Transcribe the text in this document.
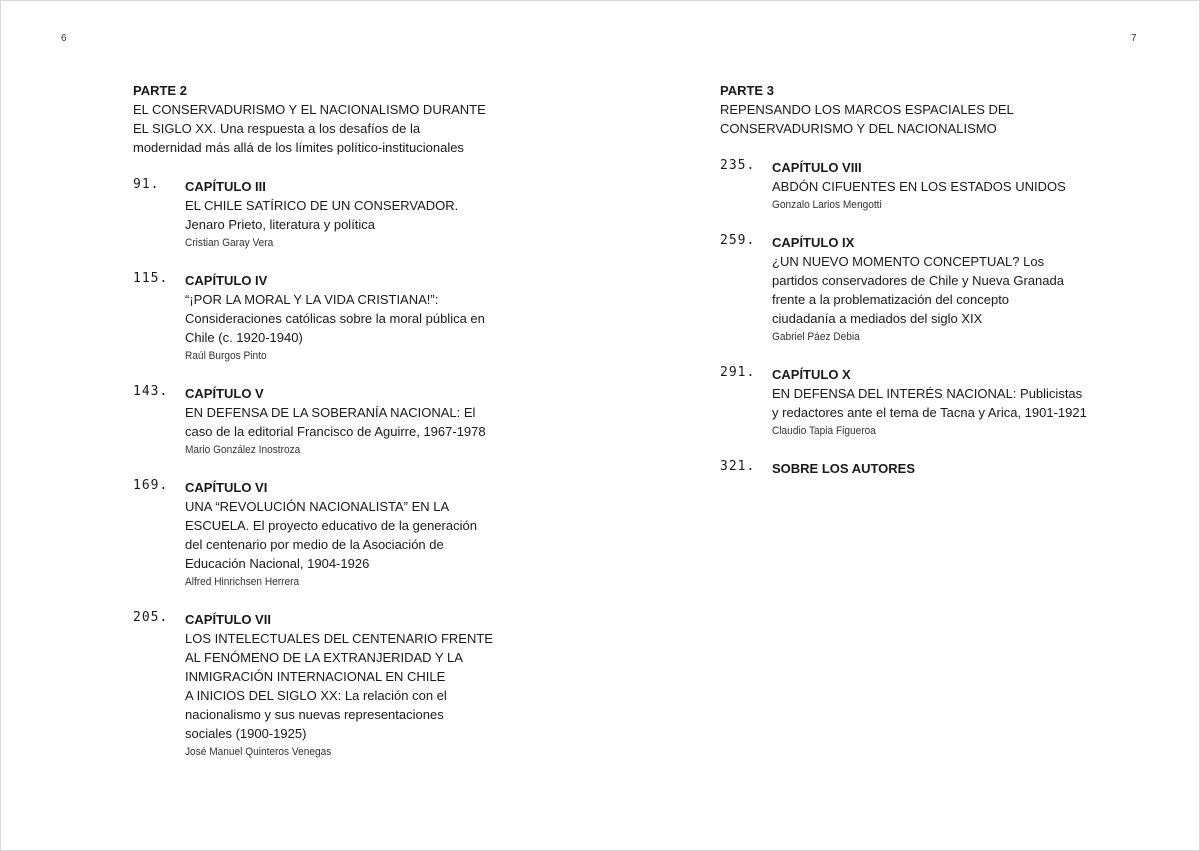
6	7

PARTE 2

EL CONSERVADURISMO Y EL NACIONALISMO DURANTE
EL SIGLO XX. Una respuesta a los desafíos de la
modernidad más allá de los límites político-institucionales

91. CAPÍTULO III
EL CHILE SATÍRICO DE UN CONSERVADOR.
Jenaro Prieto, literatura y política
Cristian Garay Vera
115. CAPÍTULO IV
“¡POR LA MORAL Y LA VIDA CRISTIANA!”:
Consideraciones católicas sobre la moral pública en
Chile (c. 1920-1940)
Raúl Burgos Pinto
143. CAPÍTULO V
EN DEFENSA DE LA SOBERANÍA NACIONAL: El
caso de la editorial Francisco de Aguirre, 1967-1978
Mario González Inostroza
169. CAPÍTULO VI
UNA “REVOLUCIÓN NACIONALISTA” EN LA
ESCUELA. El proyecto educativo de la generación
del centenario por medio de la Asociación de
Educación Nacional, 1904-1926
Alfred Hinrichsen Herrera
205. CAPÍTULO VII
LOS INTELECTUALES DEL CENTENARIO FRENTE
AL FENÓMENO DE LA EXTRANJERIDAD Y LA
INMIGRACIÓN INTERNACIONAL EN CHILE
A INICIOS DEL SIGLO XX: La relación con el
nacionalismo y sus nuevas representaciones
sociales (1900-1925)
José Manuel Quinteros Venegas

PARTE 3

REPENSANDO LOS MARCOS ESPACIALES DEL
CONSERVADURISMO Y DEL NACIONALISMO

235. CAPÍTULO VIII
ABDÓN CIFUENTES EN LOS ESTADOS UNIDOS
Gonzalo Larios Mengotti
259. CAPÍTULO IX
¿UN NUEVO MOMENTO CONCEPTUAL? Los
partidos conservadores de Chile y Nueva Granada
frente a la problematización del concepto
ciudadanía a mediados del siglo XIX
Gabriel Páez Debia
291. CAPÍTULO X
EN DEFENSA DEL INTERÉS NACIONAL: Publicistas
y redactores ante el tema de Tacna y Arica, 1901-1921
Claudio Tapia Figueroa
321. SOBRE LOS AUTORES
